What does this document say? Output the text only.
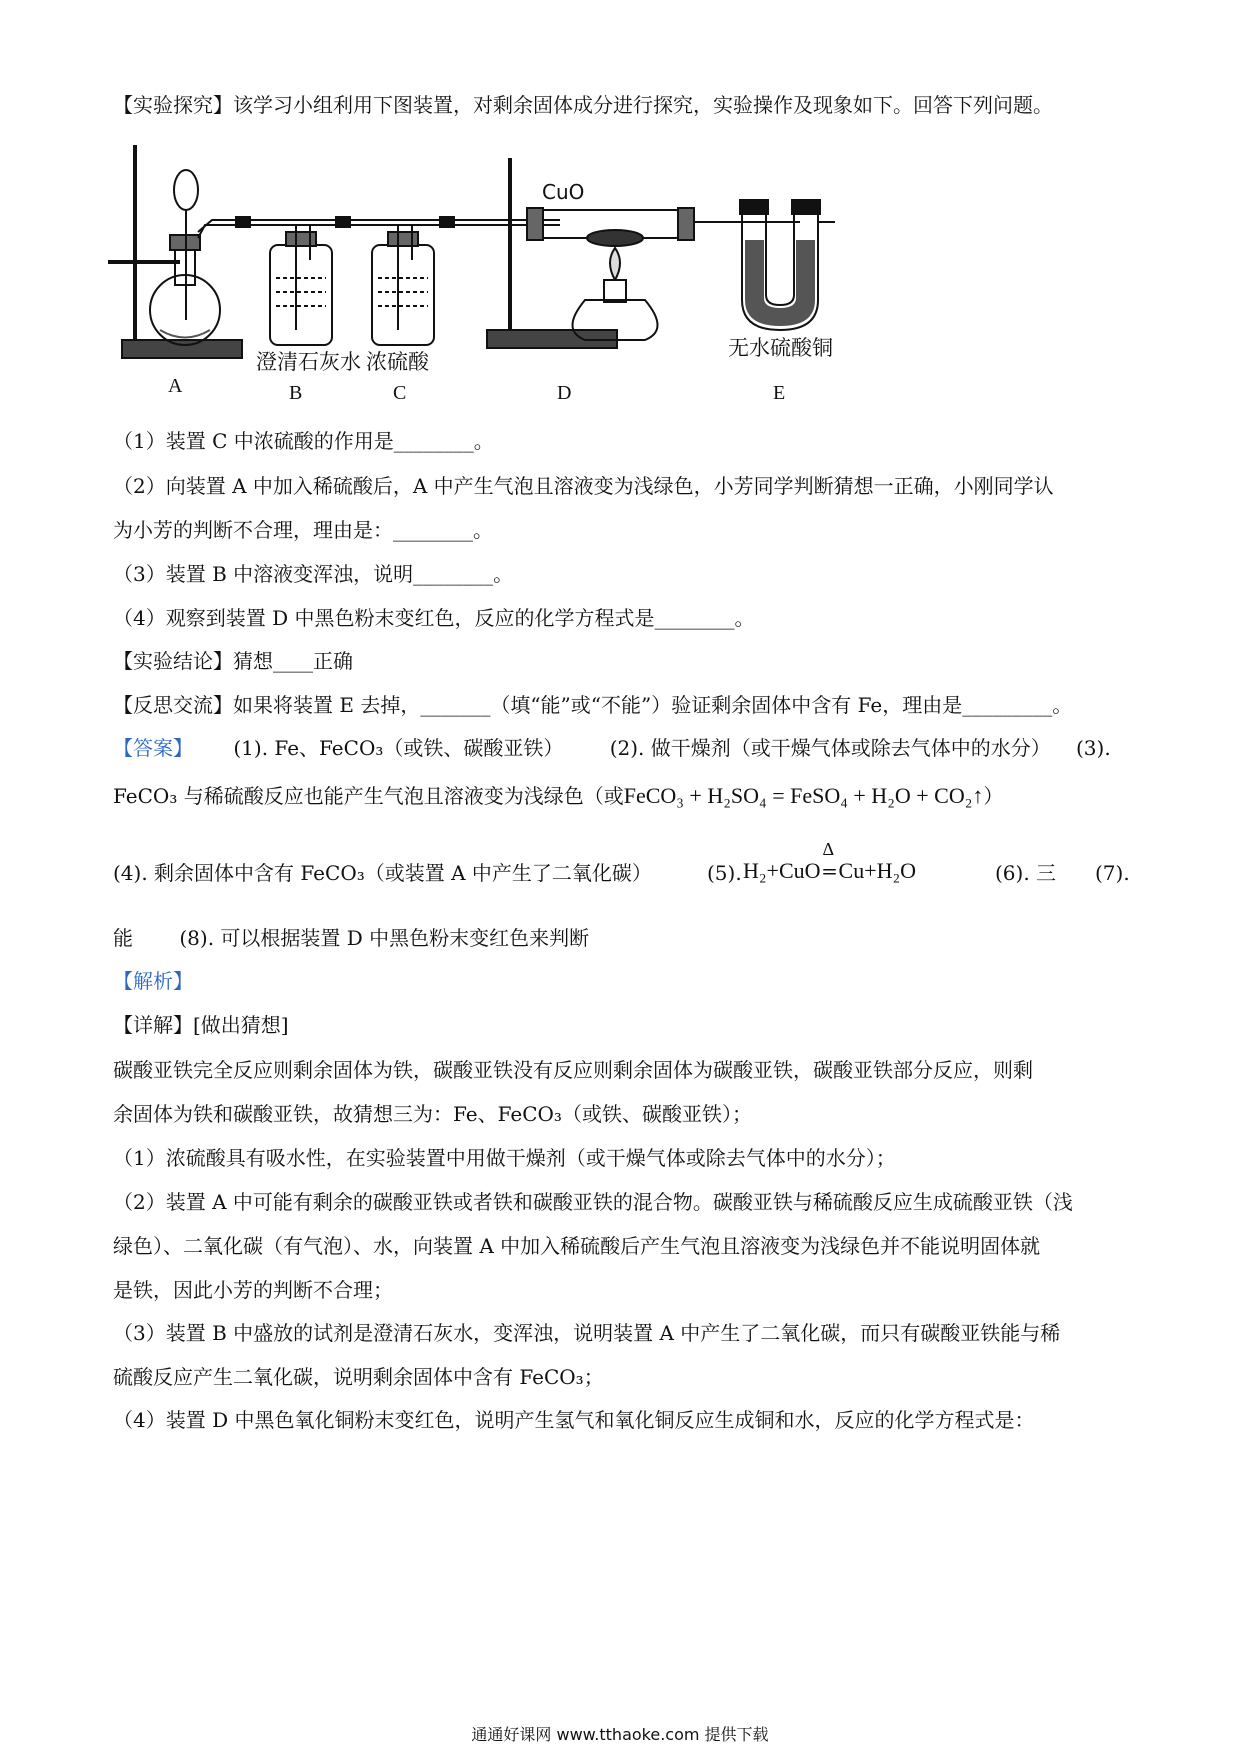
【实验探究】该学习小组利用下图装置，对剩余固体成分进行探究，实验操作及现象如下。回答下列问题。
CuO
澄清石灰水 浓硫酸
无水硫酸铜
A	B	C	D	E
（1）装置 C 中浓硫酸的作用是________。
（2）向装置 A 中加入稀硫酸后，A 中产生气泡且溶液变为浅绿色，小芳同学判断猜想一正确，小刚同学认
为小芳的判断不合理，理由是：________。
（3）装置 B 中溶液变浑浊，说明________。
（4）观察到装置 D 中黑色粉末变红色，反应的化学方程式是________。
【实验结论】猜想____正确
【反思交流】如果将装置 E 去掉，_______（填“能”或“不能”）验证剩余固体中含有 Fe，理由是_________。
【答案】 (1). Fe、FeCO₃（或铁、碳酸亚铁） (2). 做干燥剂（或干燥气体或除去气体中的水分） (3).
FeCO₃ 与稀硫酸反应也能产生气泡且溶液变为浅绿色（或FeCO₃ + H₂SO₄ = FeSO₄ + H₂O + CO₂↑）
(4). 剩余固体中含有 FeCO₃（或装置 A 中产生了二氧化碳）	(5). H₂+CuO
Δ
=Cu+H₂O	(6). 三 (7).
能 (8). 可以根据装置 D 中黑色粉末变红色来判断
【解析】
【详解】[做出猜想]
碳酸亚铁完全反应则剩余固体为铁，碳酸亚铁没有反应则剩余固体为碳酸亚铁，碳酸亚铁部分反应，则剩
余固体为铁和碳酸亚铁，故猜想三为：Fe、FeCO₃（或铁、碳酸亚铁）；
（1）浓硫酸具有吸水性，在实验装置中用做干燥剂（或干燥气体或除去气体中的水分）；
（2）装置 A 中可能有剩余的碳酸亚铁或者铁和碳酸亚铁的混合物。碳酸亚铁与稀硫酸反应生成硫酸亚铁（浅
绿色）、二氧化碳（有气泡）、水，向装置 A 中加入稀硫酸后产生气泡且溶液变为浅绿色并不能说明固体就
是铁，因此小芳的判断不合理；
（3）装置 B 中盛放的试剂是澄清石灰水，变浑浊，说明装置 A 中产生了二氧化碳，而只有碳酸亚铁能与稀
硫酸反应产生二氧化碳，说明剩余固体中含有 FeCO₃；
（4）装置 D 中黑色氧化铜粉末变红色，说明产生氢气和氧化铜反应生成铜和水，反应的化学方程式是：
通通好课网 www.tthaoke.com 提供下载
